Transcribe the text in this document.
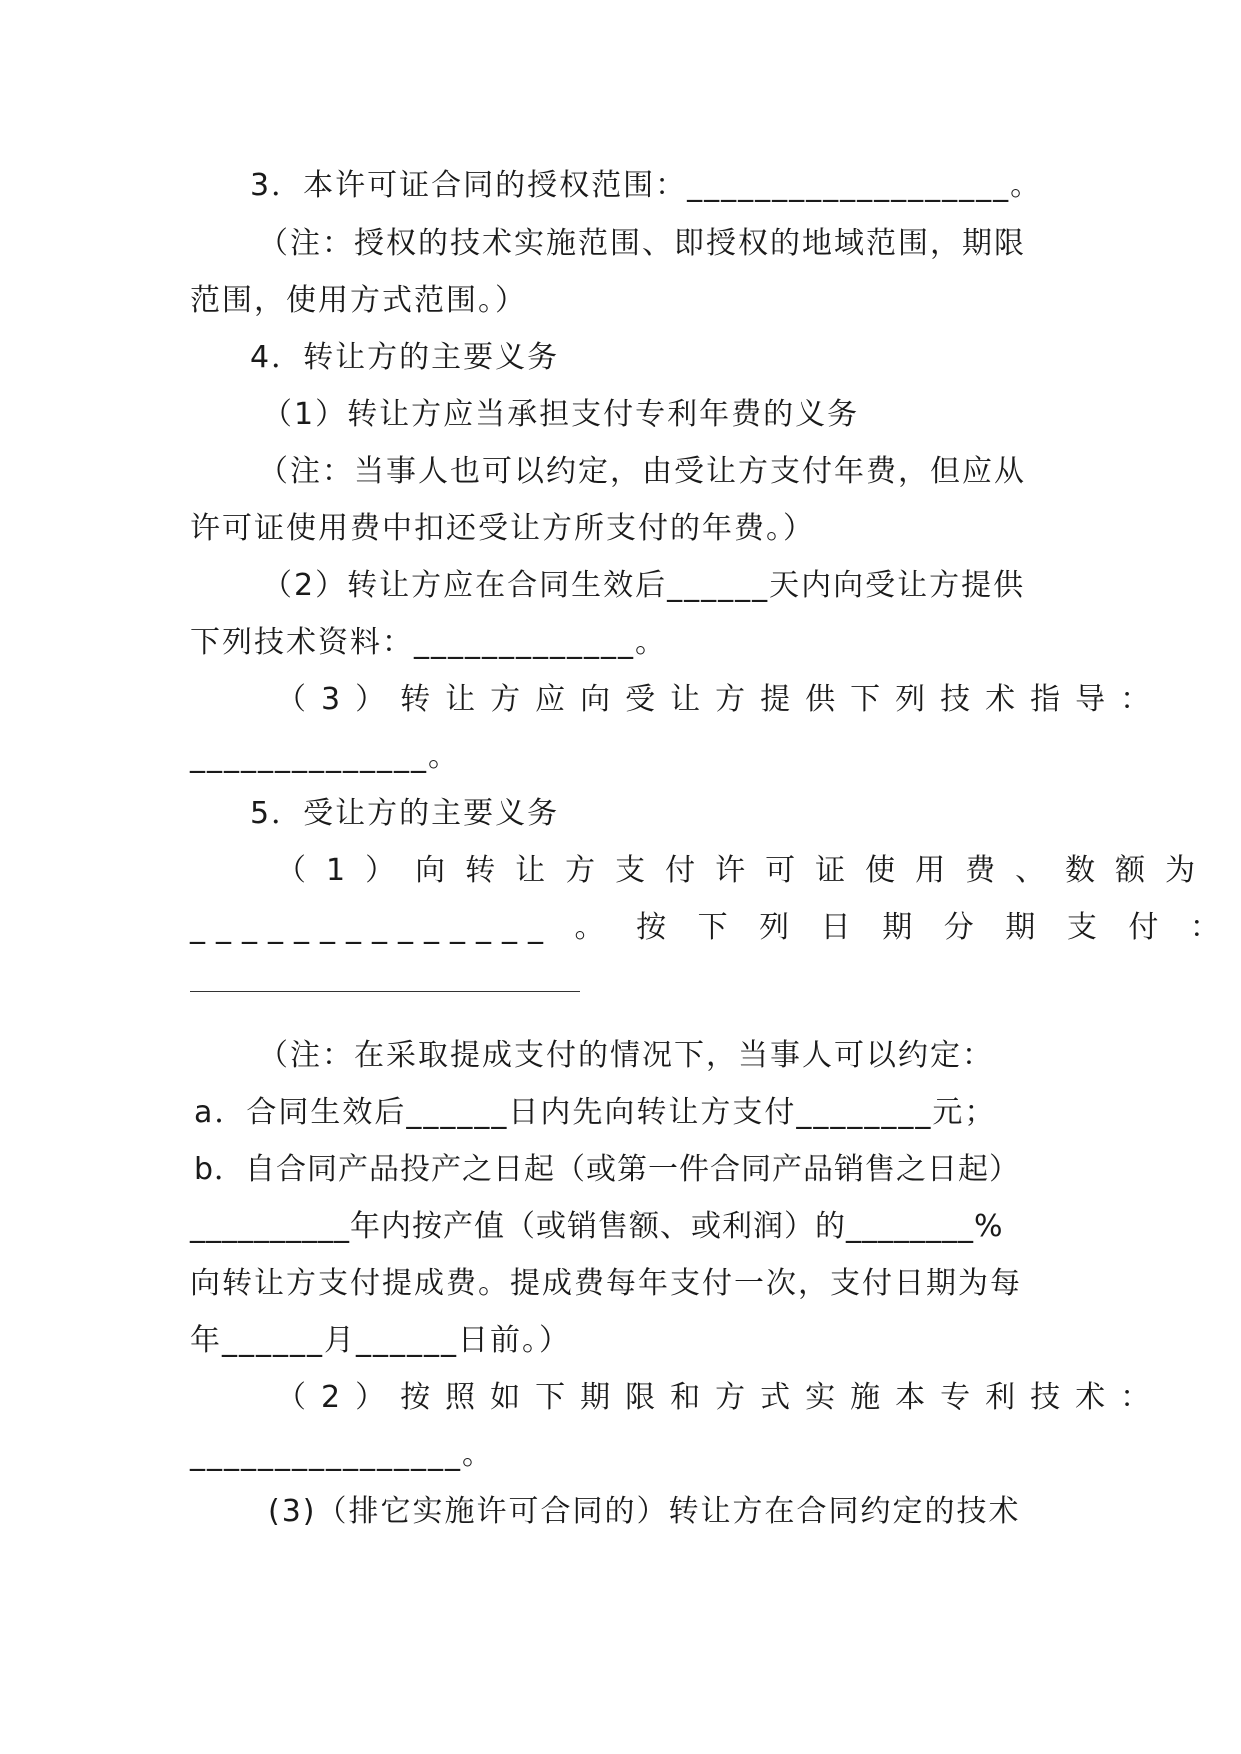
3．本许可证合同的授权范围：___________________。
（注：授权的技术实施范围、即授权的地域范围，期限
范围，使用方式范围。）
4．转让方的主要义务
（1）转让方应当承担支付专利年费的义务
（注：当事人也可以约定，由受让方支付年费，但应从
许可证使用费中扣还受让方所支付的年费。）
（2）转让方应在合同生效后______天内向受让方提供
下列技术资料：_____________。
（3）转让方应向受让方提供下列技术指导：
______________。
5．受让方的主要义务
（1）向转让方支付许可证使用费、数额为
______________ 。 按 下 列 日 期 分 期 支 付 ：
（注：在采取提成支付的情况下，当事人可以约定：
a．合同生效后______日内先向转让方支付________元；
b．自合同产品投产之日起（或第一件合同产品销售之日起）
__________年内按产值（或销售额、或利润）的________%
向转让方支付提成费。提成费每年支付一次，支付日期为每
年______月______日前。）
（2）按照如下期限和方式实施本专利技术：
________________。
(3)（排它实施许可合同的）转让方在合同约定的技术
